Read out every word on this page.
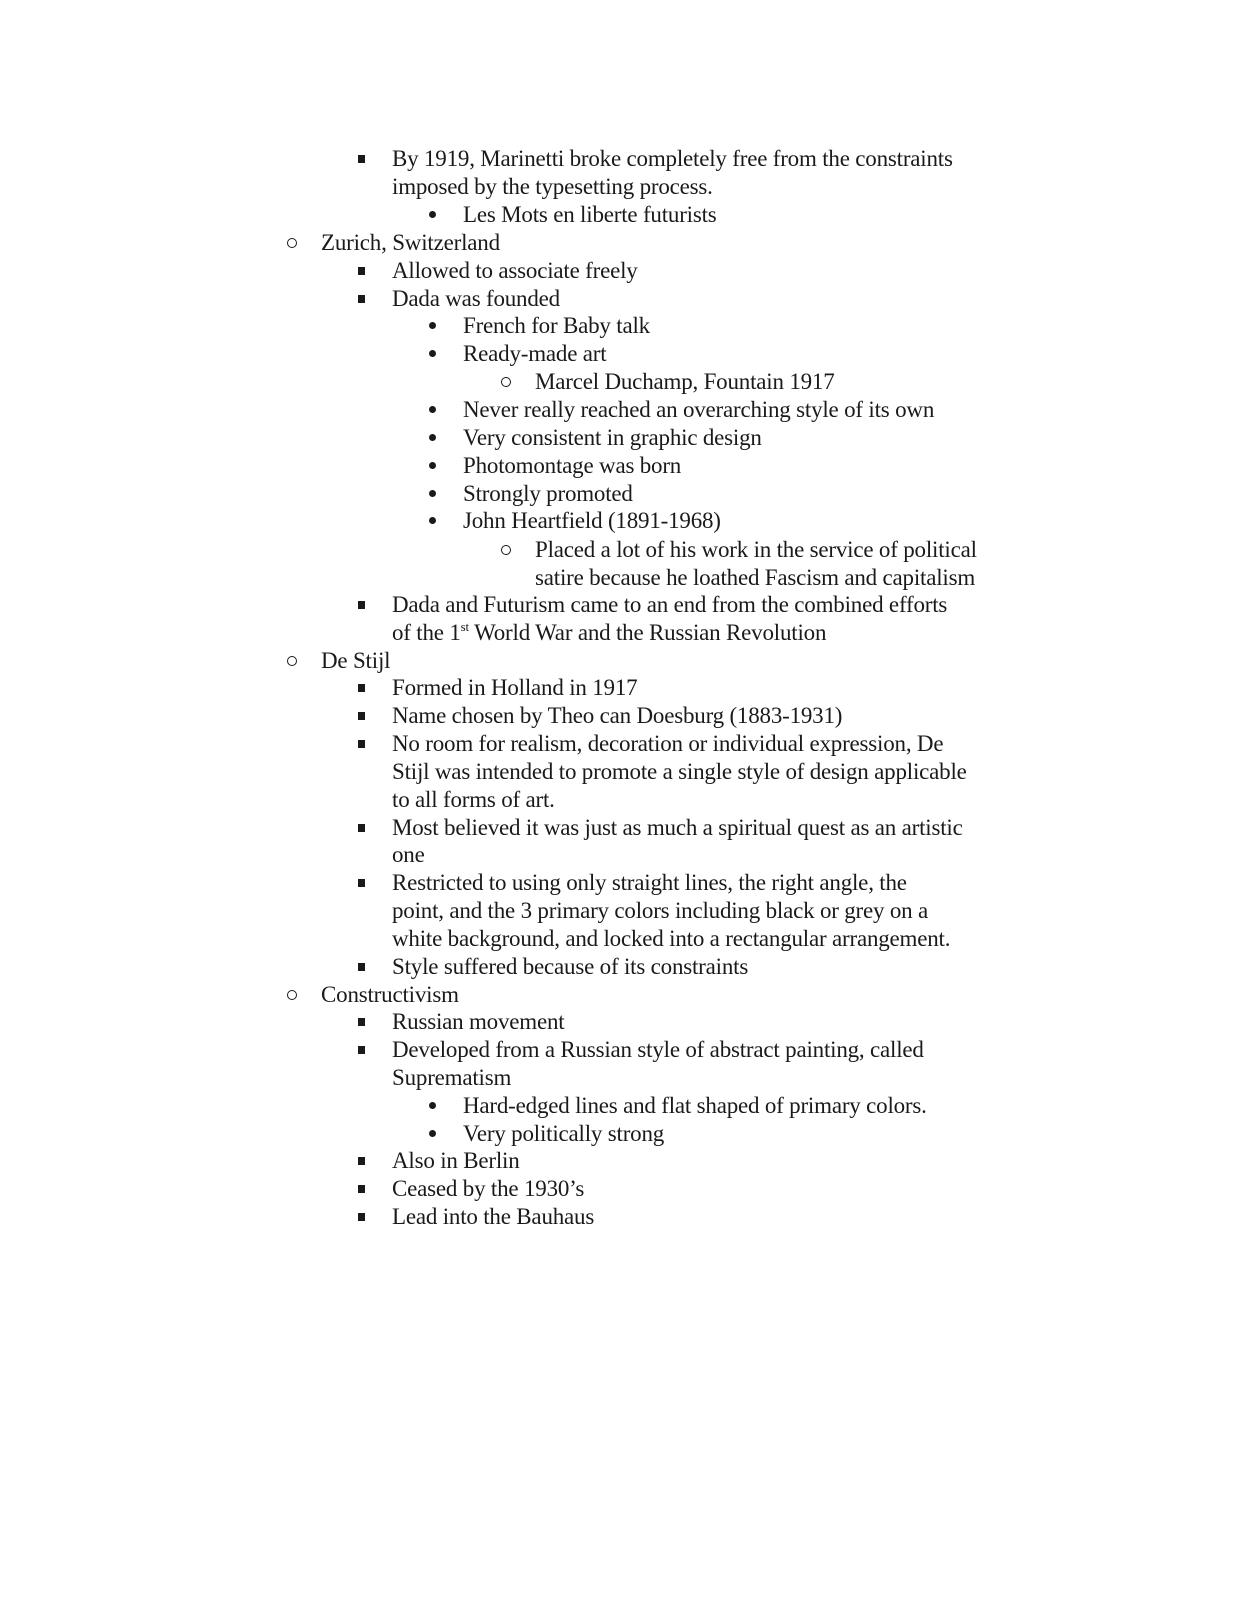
By 1919, Marinetti broke completely free from the constraints
imposed by the typesetting process.
Les Mots en liberte futurists
Zurich, Switzerland
Allowed to associate freely
Dada was founded
French for Baby talk
Ready-made art
Marcel Duchamp, Fountain 1917
Never really reached an overarching style of its own
Very consistent in graphic design
Photomontage was born
Strongly promoted
John Heartfield (1891-1968)
Placed a lot of his work in the service of political
satire because he loathed Fascism and capitalism
Dada and Futurism came to an end from the combined efforts
of the 1st World War and the Russian Revolution
De Stijl
Formed in Holland in 1917
Name chosen by Theo can Doesburg (1883-1931)
No room for realism, decoration or individual expression, De
Stijl was intended to promote a single style of design applicable
to all forms of art.
Most believed it was just as much a spiritual quest as an artistic
one
Restricted to using only straight lines, the right angle, the
point, and the 3 primary colors including black or grey on a
white background, and locked into a rectangular arrangement.
Style suffered because of its constraints
Constructivism
Russian movement
Developed from a Russian style of abstract painting, called
Suprematism
Hard-edged lines and flat shaped of primary colors.
Very politically strong
Also in Berlin
Ceased by the 1930’s
Lead into the Bauhaus
